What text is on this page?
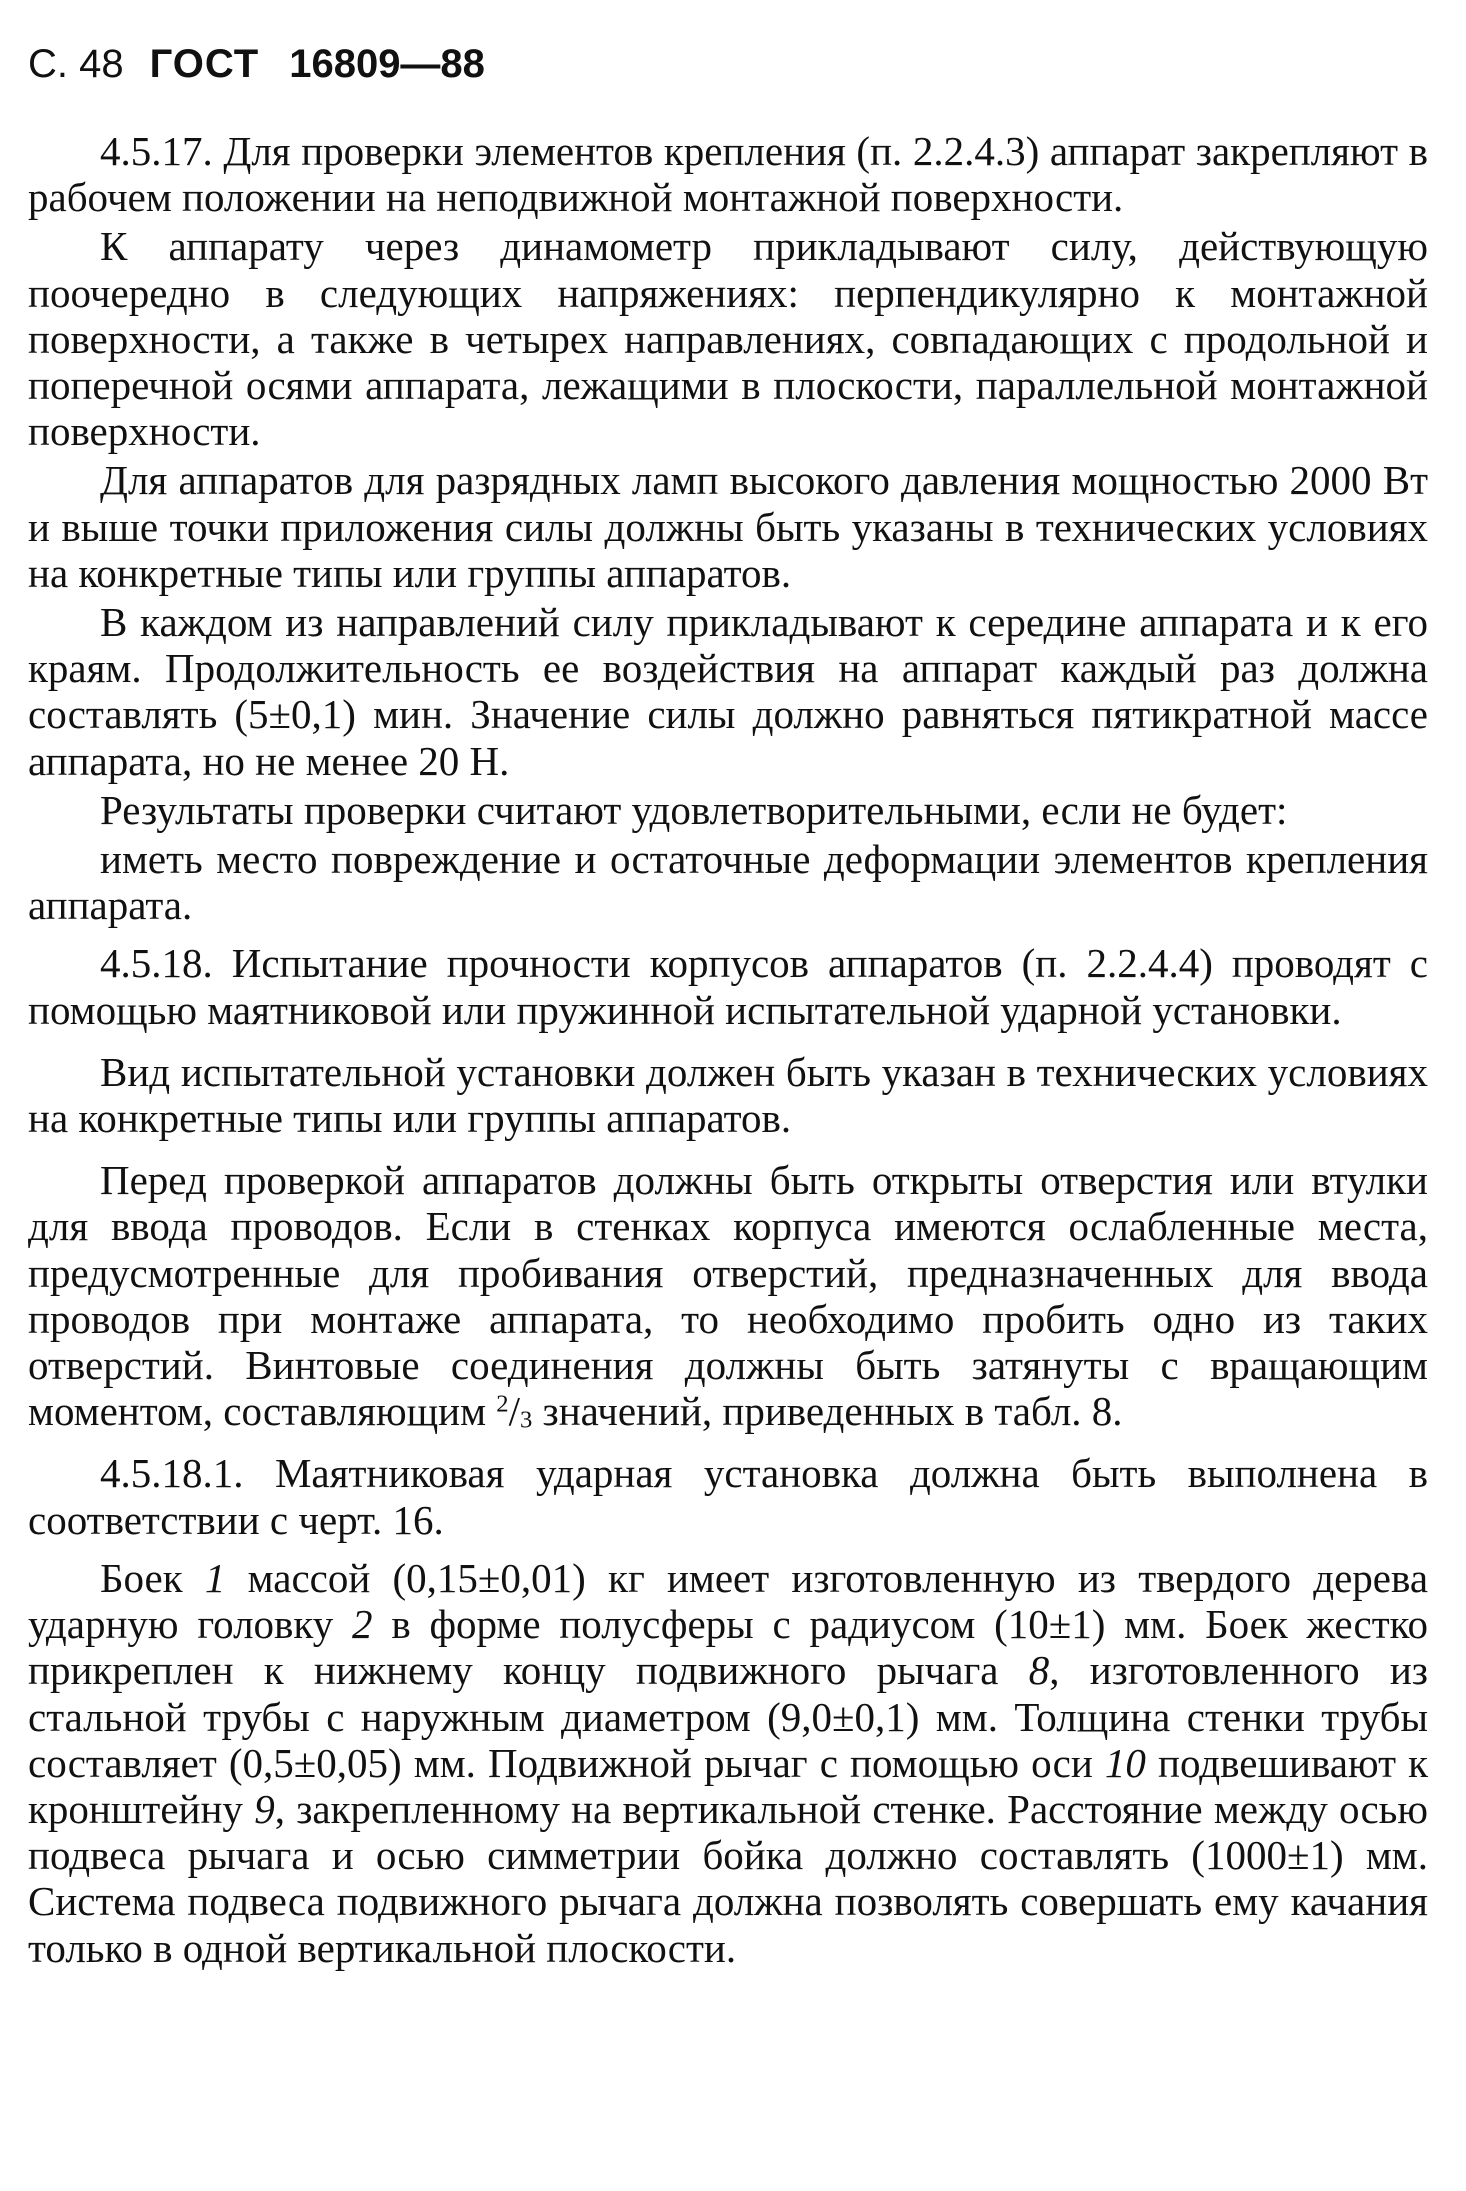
С. 48 ГОСТ 16809—88

4.5.17. Для проверки элементов крепления (п. 2.2.4.3) аппарат закрепляют в рабочем положении на неподвижной монтажной поверхности.

К аппарату через динамометр прикладывают силу, действующую поочередно в следующих напряжениях: перпендикулярно к монтажной поверхности, а также в четырех направлениях, совпадающих с продольной и поперечной осями аппарата, лежащими в плоскости, параллельной монтажной поверхности.

Для аппаратов для разрядных ламп высокого давления мощностью 2000 Вт и выше точки приложения силы должны быть указаны в технических условиях на конкретные типы или группы аппаратов.

В каждом из направлений силу прикладывают к середине аппарата и к его краям. Продолжительность ее воздействия на аппарат каждый раз должна составлять (5±0,1) мин. Значение силы должно равняться пятикратной массе аппарата, но не менее 20 Н.

Результаты проверки считают удовлетворительными, если не будет:

иметь место повреждение и остаточные деформации элементов крепления аппарата.

4.5.18. Испытание прочности корпусов аппаратов (п. 2.2.4.4) проводят с помощью маятниковой или пружинной испытательной ударной установки.

Вид испытательной установки должен быть указан в технических условиях на конкретные типы или группы аппаратов.

Перед проверкой аппаратов должны быть открыты отверстия или втулки для ввода проводов. Если в стенках корпуса имеются ослабленные места, предусмотренные для пробивания отверстий, предназначенных для ввода проводов при монтаже аппарата, то необходимо пробить одно из таких отверстий. Винтовые соединения должны быть затянуты с вращающим моментом, составляющим $^2/_3$ значений, приведенных в табл. 8.

4.5.18.1. Маятниковая ударная установка должна быть выполнена в соответствии с черт. 16.

Боек 1 массой (0,15±0,01) кг имеет изготовленную из твердого дерева ударную головку 2 в форме полусферы с радиусом (10±1) мм. Боек жестко прикреплен к нижнему концу подвижного рычага 8, изготовленного из стальной трубы с наружным диаметром (9,0±0,1) мм. Толщина стенки трубы составляет (0,5±0,05) мм. Подвижной рычаг с помощью оси 10 подвешивают к кронштейну 9, закрепленному на вертикальной стенке. Расстояние между осью подвеса рычага и осью симметрии бойка должно составлять (1000±1) мм. Система подвеса подвижного рычага должна позволять совершать ему качания только в одной вертикальной плоскости.
